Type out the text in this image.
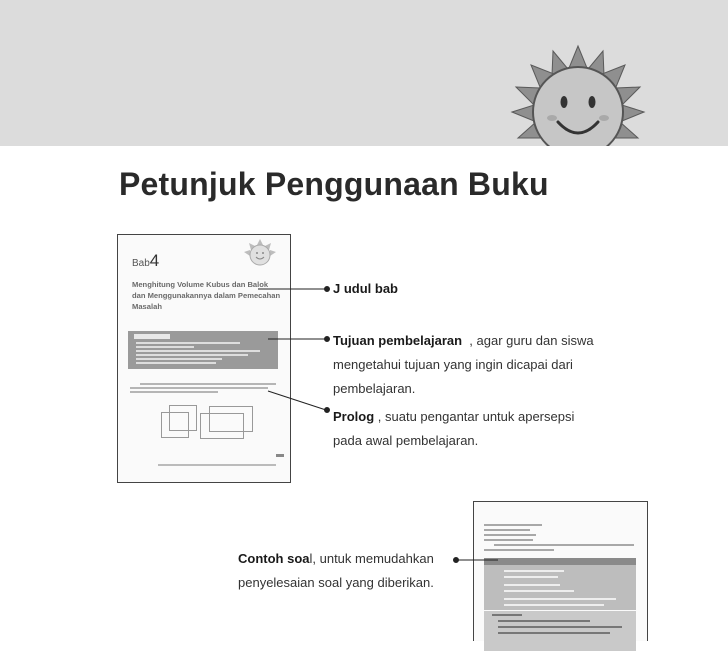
Petunjuk Penggunaan Buku
Bab4
Menghitung Volume Kubus dan Balok dan Menggunakannya dalam Pemecahan Masalah
J udul bab
Tujuan pembelajaran  , agar guru dan siswa
mengetahui tujuan yang ingin dicapai dari
pembelajaran.
Prolog , suatu pengantar untuk apersepsi
pada awal pembelajaran.
Contoh soal, untuk memudahkan
penyelesaian soal yang diberikan.
